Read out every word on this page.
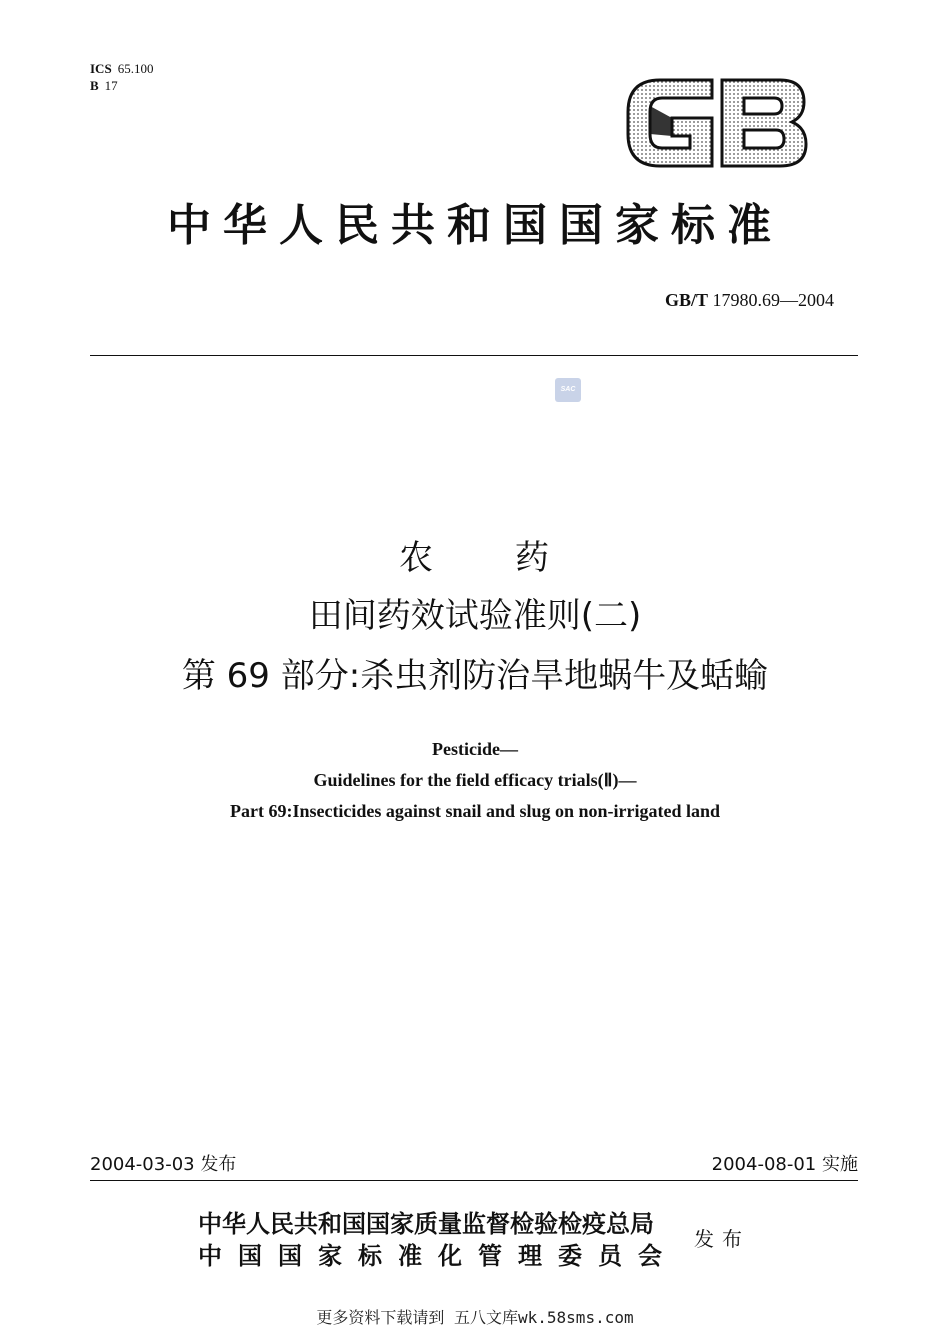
ICS 65.100
B 17
中华人民共和国国家标准
GB/T 17980.69—2004
SAC
农 药
田间药效试验准则(二)
第 69 部分:杀虫剂防治旱地蜗牛及蛞蝓
Pesticide—
Guidelines for the field efficacy trials(Ⅱ)—
Part 69:Insecticides against snail and slug on non-irrigated land
2004-03-03 发布	2004-08-01 实施
中华人民共和国国家质量监督检验检疫总局
中国国家标准化管理委员会
发布
更多资料下载请到 五八文库wk.58sms.com
